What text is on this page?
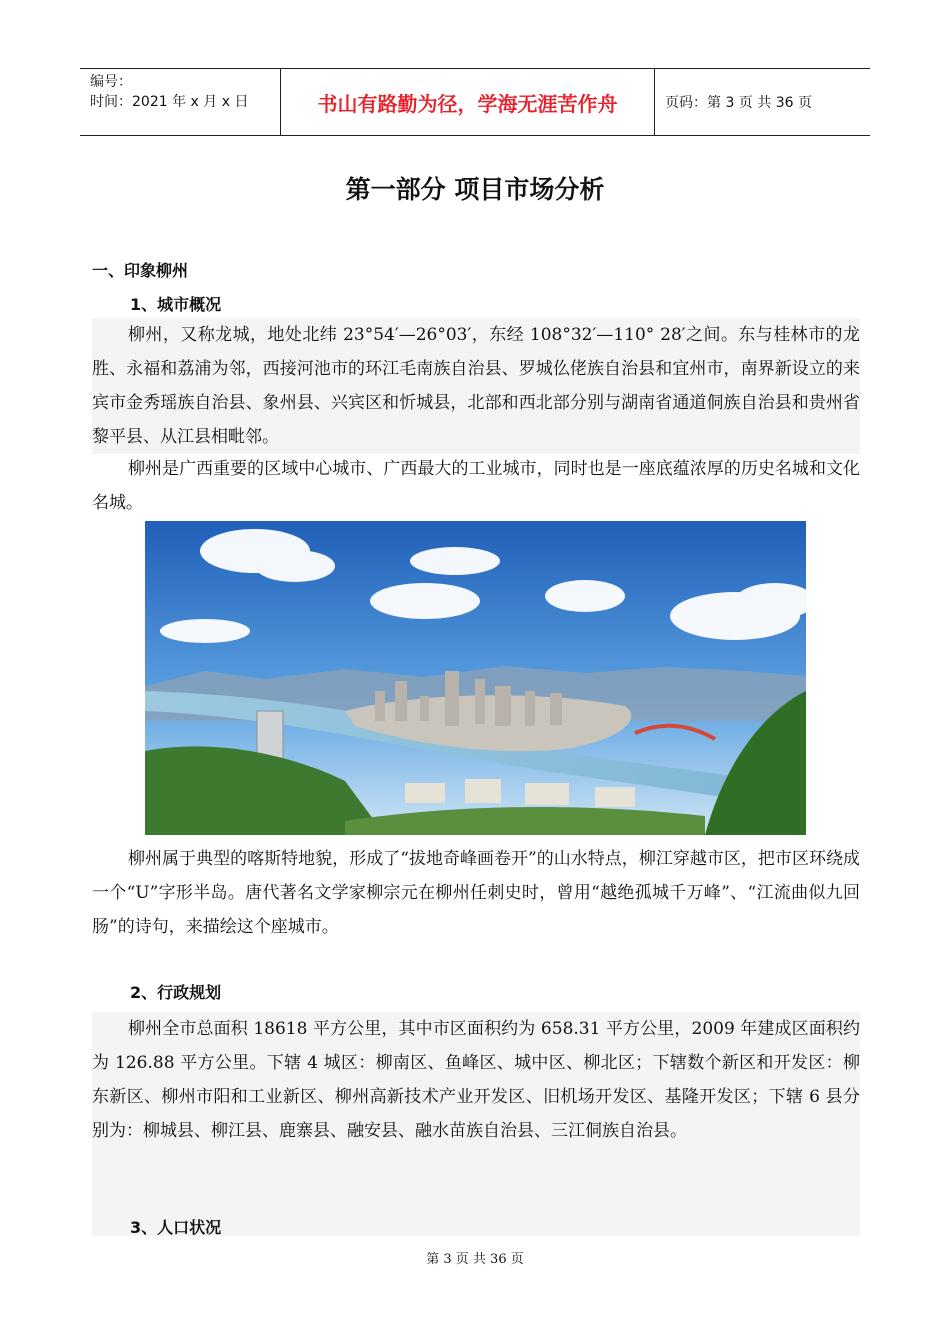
编号：
时间：2021 年 x 月 x 日	书山有路勤为径，学海无涯苦作舟	页码：第 3 页 共 36 页
第一部分 项目市场分析
一、印象柳州
1、城市概况

柳州，又称龙城，地处北纬 23°54′—26°03′，东经 108°32′—110° 28′之间。东与桂林市的龙胜、永福和荔浦为邻，西接河池市的环江毛南族自治县、罗城仫佬族自治县和宜州市，南界新设立的来宾市金秀瑶族自治县、象州县、兴宾区和忻城县，北部和西北部分别与湖南省通道侗族自治县和贵州省黎平县、从江县相毗邻。

柳州是广西重要的区域中心城市、广西最大的工业城市，同时也是一座底蕴浓厚的历史名城和文化名城。

柳州属于典型的喀斯特地貌，形成了“拔地奇峰画卷开”的山水特点，柳江穿越市区，把市区环绕成一个“U”字形半岛。唐代著名文学家柳宗元在柳州任刺史时，曾用“越绝孤城千万峰”、“江流曲似九回肠”的诗句，来描绘这个座城市。

2、行政规划

柳州全市总面积 18618 平方公里，其中市区面积约为 658.31 平方公里，2009 年建成区面积约为 126.88 平方公里。下辖 4 城区：柳南区、鱼峰区、城中区、柳北区；下辖数个新区和开发区：柳东新区、柳州市阳和工业新区、柳州高新技术产业开发区、旧机场开发区、基隆开发区；下辖 6 县分别为：柳城县、柳江县、鹿寨县、融安县、融水苗族自治县、三江侗族自治县。

3、人口状况
第 3 页 共 36 页
